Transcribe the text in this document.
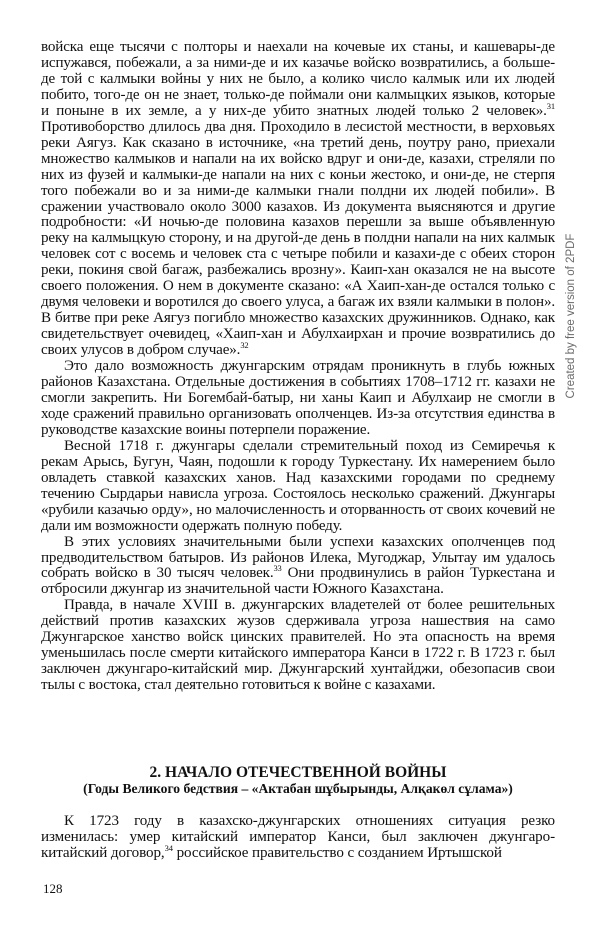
войска еще тысячи с полторы и наехали на кочевые их станы, и кашевары-де испужався, побежали, а за ними-де и их казачье войско возвратились, а больше-де той с калмыки войны у них не было, а колико число калмык или их людей побито, того-де он не знает, только-де поймали они калмыцких языков, которые и поныне в их земле, а у них-де убито знатных людей только 2 человек».$^{31}$ Противоборство длилось два дня. Проходило в лесистой местности, в верховьях реки Аягуз. Как сказано в источнике, «на третий день, поутру рано, приехали множество калмыков и напали на их войско вдруг и они-де, казахи, стреляли по них из фузей и калмыки-де напали на них с коньи жестоко, и они-де, не стерпя того побежали во и за ними-де калмыки гнали полдни их людей побили». В сражении участвовало около 3000 казахов. Из документа выясняются и другие подробности: «И ночью-де половина казахов перешли за выше объявленную реку на калмыцкую сторону, и на другой-де день в полдни напали на них калмык человек сот с восемь и человек ста с четыре побили и казахи-де с обеих сторон реки, покиня свой багаж, разбежались врозну». Каип-хан оказался не на высоте своего положения. О нем в документе сказано: «А Хаип-хан-де остался только с двумя человеки и воротился до своего улуса, а багаж их взяли калмыки в полон». В битве при реке Аягуз погибло множество казахских дружинников. Однако, как свидетельствует очевидец, «Хаип-хан и Абулхаирхан и прочие возвратились до своих улусов в добром случае».$^{32}$

Это дало возможность джунгарским отрядам проникнуть в глубь южных районов Казахстана. Отдельные достижения в событиях 1708–1712 гг. казахи не смогли закрепить. Ни Богембай-батыр, ни ханы Каип и Абулхаир не смогли в ходе сражений правильно организовать ополченцев. Из-за отсутствия единства в руководстве казахские воины потерпели поражение.

Весной 1718 г. джунгары сделали стремительный поход из Семиречья к рекам Арысь, Бугун, Чаян, подошли к городу Туркестану. Их намерением было овладеть ставкой казахских ханов. Над казахскими городами по среднему течению Сырдарьи нависла угроза. Состоялось несколько сражений. Джунгары «рубили казачью орду», но малочисленность и оторванность от своих кочевий не дали им возможности одержать полную победу.

В этих условиях значительными были успехи казахских ополченцев под предводительством батыров. Из районов Илека, Мугоджар, Улытау им удалось собрать войско в 30 тысяч человек.$^{33}$ Они продвинулись в район Туркестана и отбросили джунгар из значительной части Южного Казахстана.

Правда, в начале XVIII в. джунгарских владетелей от более решительных действий против казахских жузов сдерживала угроза нашествия на само Джунгарское ханство войск цинских правителей. Но эта опасность на время уменьшилась после смерти китайского императора Канси в 1722 г. В 1723 г. был заключен джунгаро-китайский мир. Джунгарский хунтайджи, обезопасив свои тылы с востока, стал деятельно готовиться к войне с казахами.

2. НАЧАЛО ОТЕЧЕСТВЕННОЙ ВОЙНЫ
(Годы Великого бедствия – «Актабан шұбырынды, Алқакөл сұлама»)

К 1723 году в казахско-джунгарских отношениях ситуация резко изменилась: умер китайский император Канси, был заключен джунгаро-китайский договор,$^{34}$ российское правительство с созданием Иртышской

128
Created by free version of 2PDF
